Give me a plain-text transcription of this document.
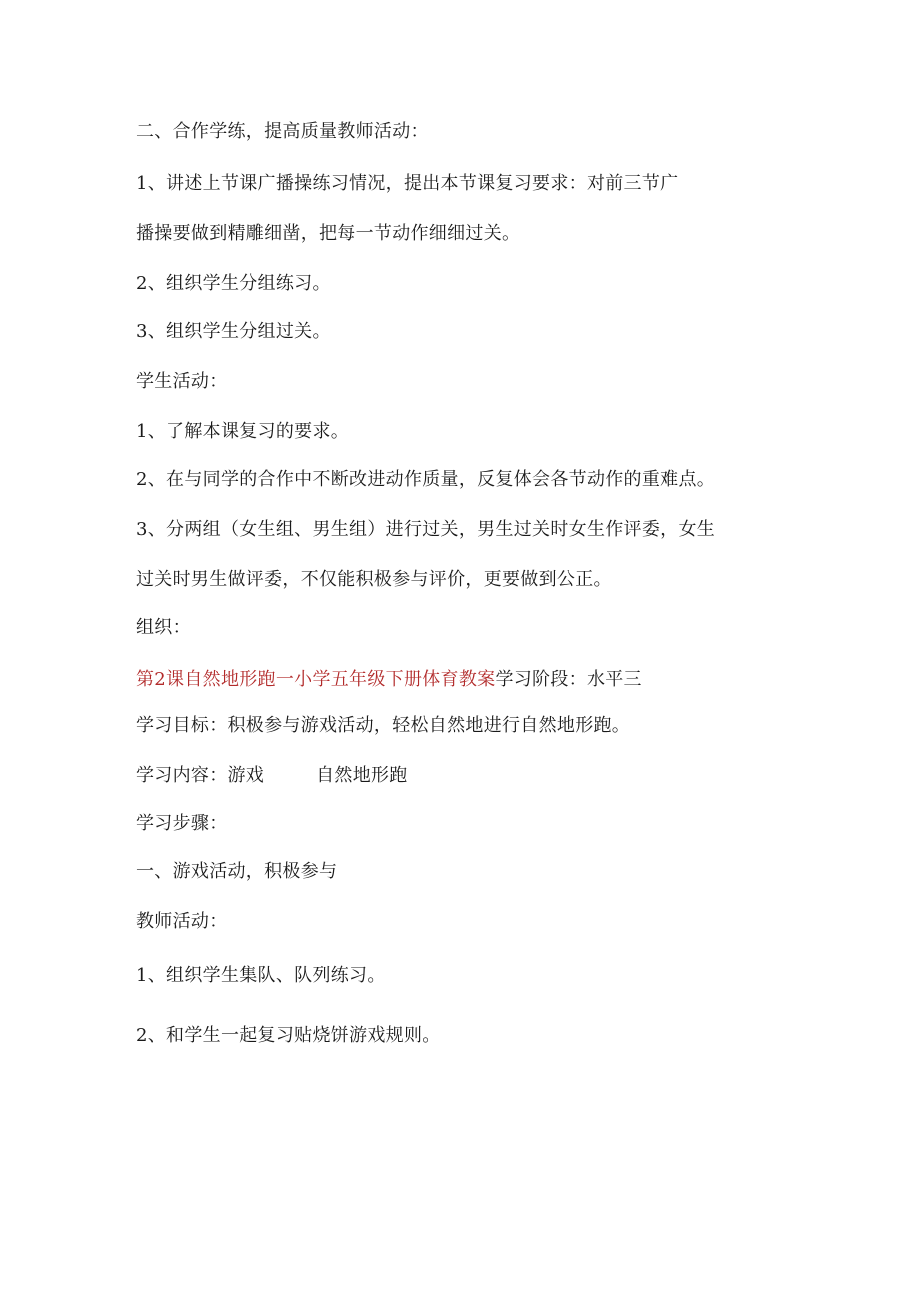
二、合作学练，提高质量教师活动：
1、讲述上节课广播操练习情况，提出本节课复习要求：对前三节广
播操要做到精雕细凿，把每一节动作细细过关。
2、组织学生分组练习。
3、组织学生分组过关。
学生活动：
1、了解本课复习的要求。
2、在与同学的合作中不断改进动作质量，反复体会各节动作的重难点。
3、分两组（女生组、男生组）进行过关，男生过关时女生作评委，女生
过关时男生做评委，不仅能积极参与评价，更要做到公正。
组织：
第2课自然地形跑一小学五年级下册体育教案学习阶段：水平三
学习目标：积极参与游戏活动，轻松自然地进行自然地形跑。
学习内容：游戏	自然地形跑
学习步骤：
一、游戏活动，积极参与
教师活动：
1、组织学生集队、队列练习。
2、和学生一起复习贴烧饼游戏规则。
